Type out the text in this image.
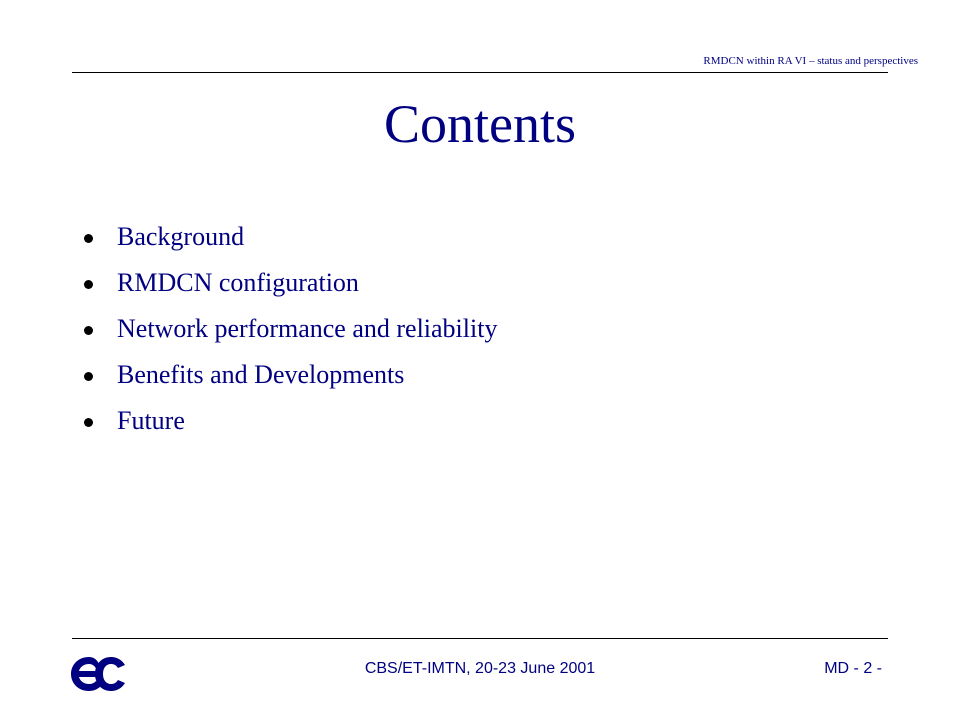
RMDCN within RA VI – status and perspectives
Contents
Background
RMDCN configuration
Network performance and reliability
Benefits and Developments
Future
CBS/ET-IMTN, 20-23 June 2001	MD - 2 -
